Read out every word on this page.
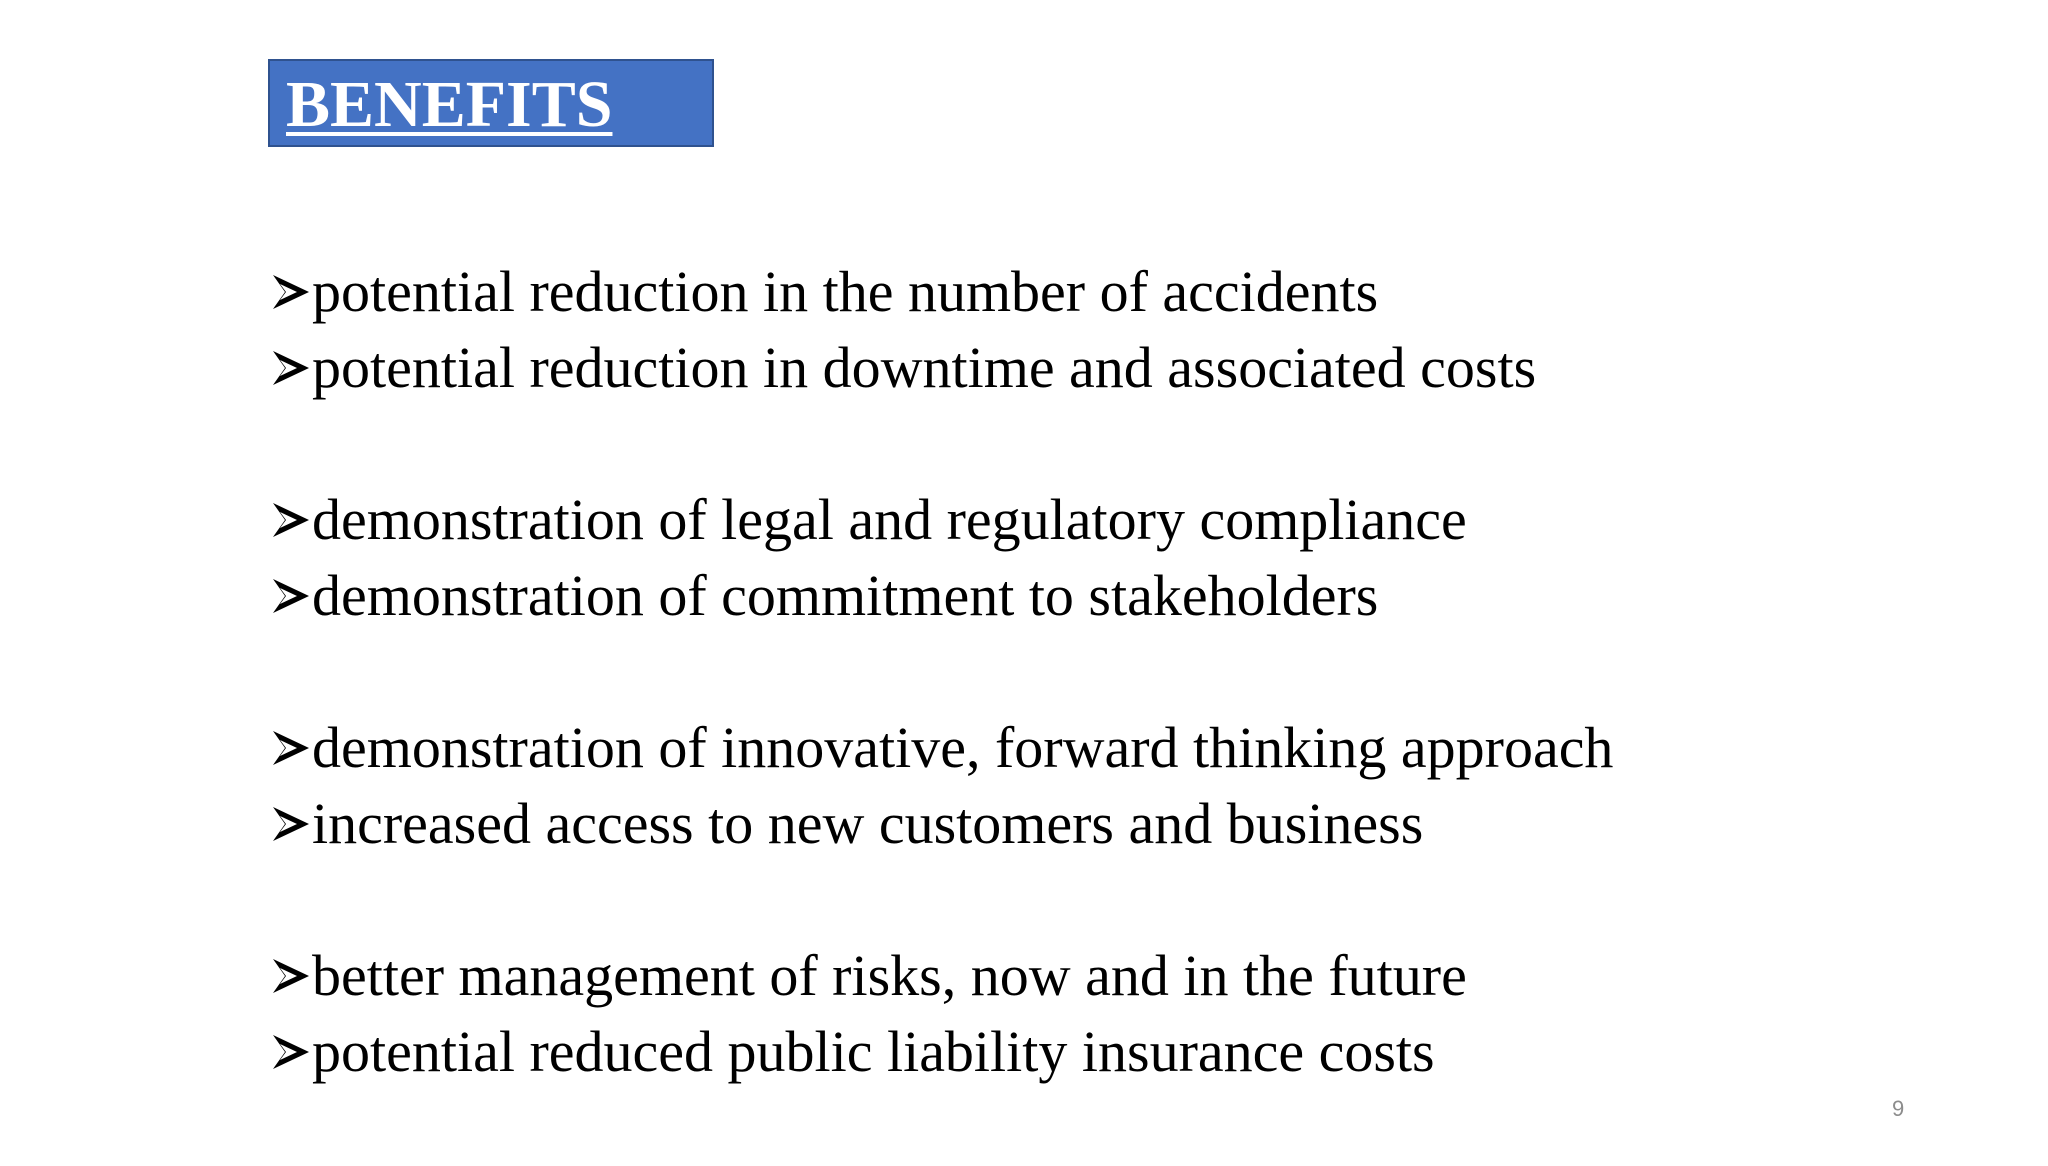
BENEFITS
potential reduction in the number of accidents
potential reduction in downtime and associated costs
demonstration of legal and regulatory compliance
demonstration of commitment to stakeholders
demonstration of innovative, forward thinking approach
increased access to new customers and business
better management of risks, now and in the future
potential reduced public liability insurance costs
9
